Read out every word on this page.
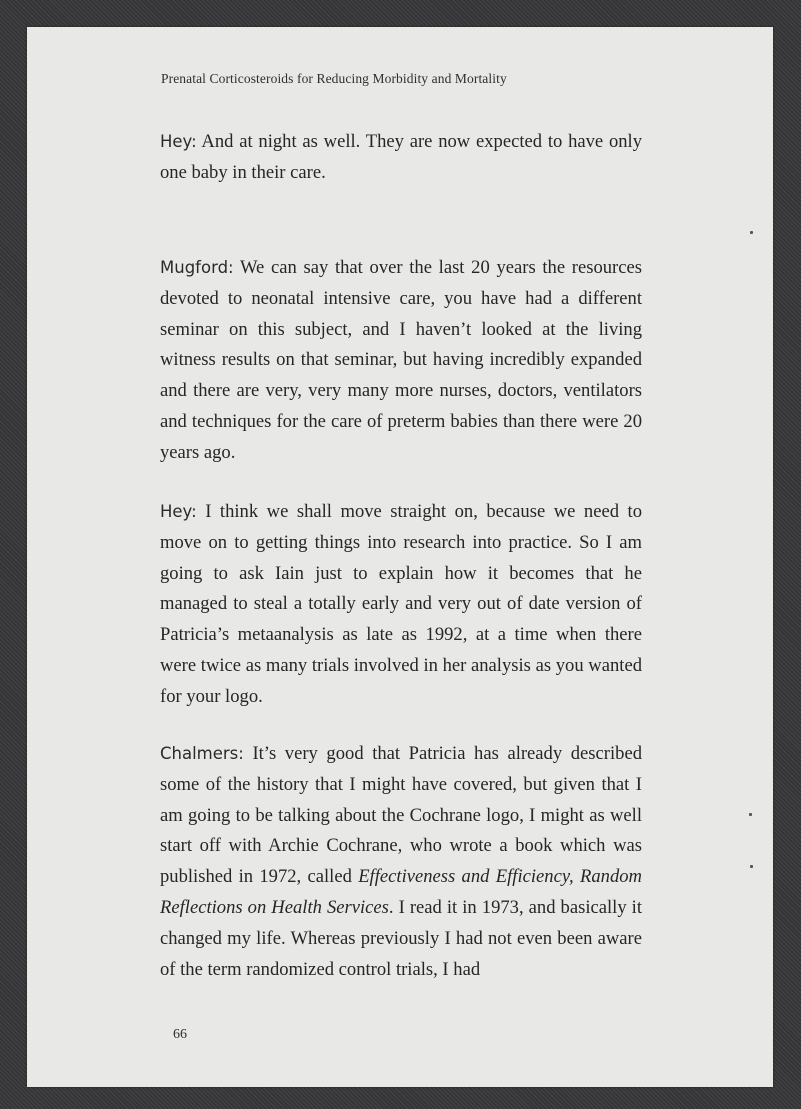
Prenatal Corticosteroids for Reducing Morbidity and Mortality

Hey: And at night as well. They are now expected to have only one baby in their care.

Mugford: We can say that over the last 20 years the resources devoted to neonatal intensive care, you have had a different seminar on this subject, and I haven’t looked at the living witness results on that seminar, but having incredibly expanded and there are very, very many more nurses, doctors, ventilators and techniques for the care of preterm babies than there were 20 years ago.

Hey: I think we shall move straight on, because we need to move on to getting things into research into practice. So I am going to ask Iain just to explain how it becomes that he managed to steal a totally early and very out of date version of Patricia’s metaanalysis as late as 1992, at a time when there were twice as many trials involved in her analysis as you wanted for your logo.

Chalmers: It’s very good that Patricia has already described some of the history that I might have covered, but given that I am going to be talking about the Cochrane logo, I might as well start off with Archie Cochrane, who wrote a book which was published in 1972, called Effectiveness and Efficiency, Random Reflections on Health Services. I read it in 1973, and basically it changed my life. Whereas previously I had not even been aware of the term randomized control trials, I had

66
